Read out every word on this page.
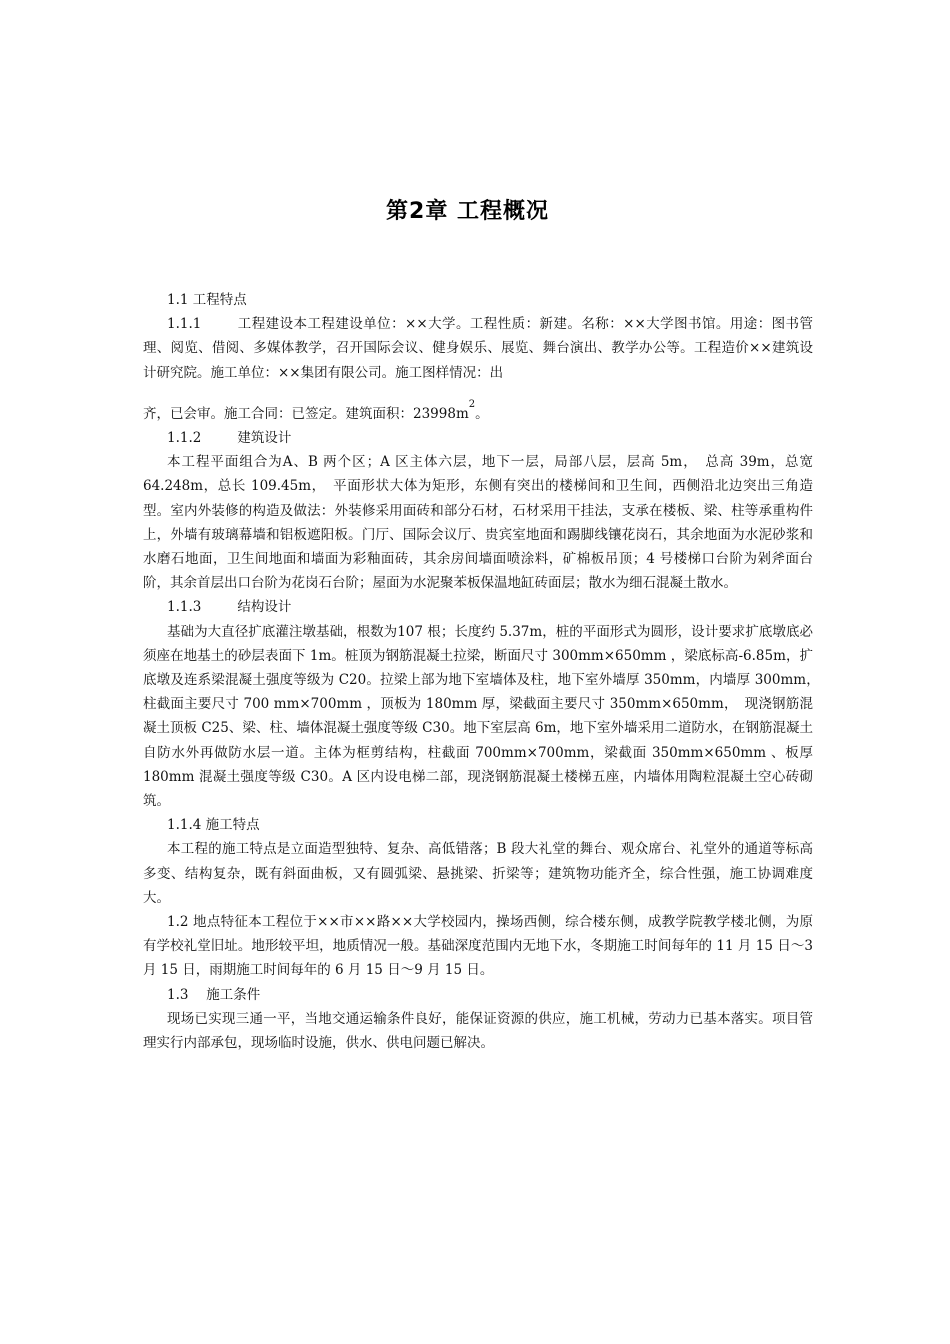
第2章 工程概况

1.1 工程特点

1.1.1	工程建设本工程建设单位：××大学。工程性质：新建。名称：××大学图书馆。用途：图书管理、阅览、借阅、多媒体教学，召开国际会议、健身娱乐、展览、舞台演出、教学办公等。工程造价××建筑设计研究院。施工单位：××集团有限公司。施工图样情况：出

齐，已会审。施工合同：已签定。建筑面积：$23998m^2$。

1.1.2	建筑设计

本工程平面组合为A、B 两个区；A 区主体六层，地下一层，局部八层，层高 5m，　总高 39m，总宽 64.248m，总长 109.45m，　平面形状大体为矩形，东侧有突出的楼梯间和卫生间，西侧沿北边突出三角造型。室内外装修的构造及做法：外装修采用面砖和部分石材，石材采用干挂法，支承在楼板、梁、柱等承重构件上，外墙有玻璃幕墙和铝板遮阳板。门厅、国际会议厅、贵宾室地面和踢脚线镶花岗石，其余地面为水泥砂浆和水磨石地面，卫生间地面和墙面为彩釉面砖，其余房间墙面喷涂料，矿棉板吊顶；4 号楼梯口台阶为剁斧面台阶，其余首层出口台阶为花岗石台阶；屋面为水泥聚苯板保温地缸砖面层；散水为细石混凝土散水。

1.1.3	结构设计

基础为大直径扩底灌注墩基础，根数为107 根；长度约 5.37m，桩的平面形式为圆形，设计要求扩底墩底必须座在地基土的砂层表面下 1m。桩顶为钢筋混凝土拉梁，断面尺寸 300mm×650mm ，梁底标高-6.85m，扩底墩及连系梁混凝土强度等级为 C20。拉梁上部为地下室墙体及柱，地下室外墙厚 350mm，内墙厚 300mm，　柱截面主要尺寸 700 mm×700mm ，顶板为 180mm 厚，梁截面主要尺寸 350mm×650mm，　现浇钢筋混凝土顶板 C25、梁、柱、墙体混凝土强度等级 C30。地下室层高 6m，地下室外墙采用二道防水，在钢筋混凝土自防水外再做防水层一道。主体为框剪结构，柱截面 700mm×700mm，梁截面 350mm×650mm 、板厚 180mm 混凝土强度等级 C30。A 区内设电梯二部，现浇钢筋混凝土楼梯五座，内墙体用陶粒混凝土空心砖砌筑。

1.1.4 施工特点

本工程的施工特点是立面造型独特、复杂、高低错落；B 段大礼堂的舞台、观众席台、礼堂外的通道等标高多变、结构复杂，既有斜面曲板，又有圆弧梁、悬挑梁、折梁等；建筑物功能齐全，综合性强，施工协调难度大。

1.2 地点特征本工程位于××市××路××大学校园内，操场西侧，综合楼东侧，成教学院教学楼北侧，为原有学校礼堂旧址。地形较平坦，地质情况一般。基础深度范围内无地下水，冬期施工时间每年的 11 月 15 日～3 月 15 日，雨期施工时间每年的 6 月 15 日～9 月 15 日。

1.3　 施工条件

现场已实现三通一平，当地交通运输条件良好，能保证资源的供应，施工机械，劳动力已基本落实。项目管理实行内部承包，现场临时设施，供水、供电问题已解决。
